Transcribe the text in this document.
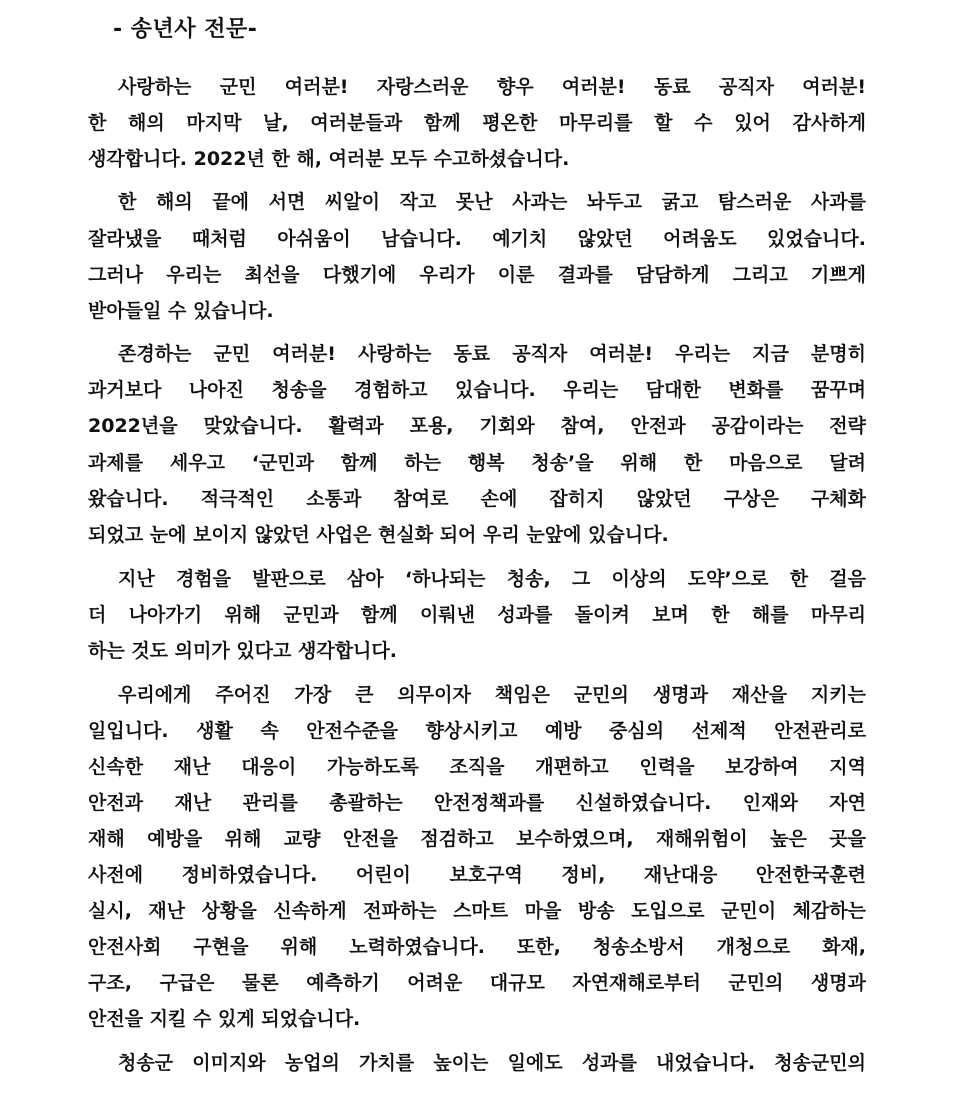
- 송년사 전문-
사랑하는 군민 여러분! 자랑스러운 향우 여러분! 동료 공직자 여러분!
한 해의 마지막 날, 여러분들과 함께 평온한 마무리를 할 수 있어 감사하게
생각합니다. 2022년 한 해, 여러분 모두 수고하셨습니다.
한 해의 끝에 서면 씨알이 작고 못난 사과는 놔두고 굵고 탐스러운 사과를
잘라냈을 때처럼 아쉬움이 남습니다. 예기치 않았던 어려움도 있었습니다.
그러나 우리는 최선을 다했기에 우리가 이룬 결과를 담담하게 그리고 기쁘게
받아들일 수 있습니다.
존경하는 군민 여러분! 사랑하는 동료 공직자 여러분! 우리는 지금 분명히
과거보다 나아진 청송을 경험하고 있습니다. 우리는 담대한 변화를 꿈꾸며
2022년을 맞았습니다. 활력과 포용, 기회와 참여, 안전과 공감이라는 전략
과제를 세우고 ‘군민과 함께 하는 행복 청송’을 위해 한 마음으로 달려
왔습니다. 적극적인 소통과 참여로 손에 잡히지 않았던 구상은 구체화
되었고 눈에 보이지 않았던 사업은 현실화 되어 우리 눈앞에 있습니다.
지난 경험을 발판으로 삼아 ‘하나되는 청송, 그 이상의 도약’으로 한 걸음
더 나아가기 위해 군민과 함께 이뤄낸 성과를 돌이켜 보며 한 해를 마무리
하는 것도 의미가 있다고 생각합니다.
우리에게 주어진 가장 큰 의무이자 책임은 군민의 생명과 재산을 지키는
일입니다. 생활 속 안전수준을 향상시키고 예방 중심의 선제적 안전관리로
신속한 재난 대응이 가능하도록 조직을 개편하고 인력을 보강하여 지역
안전과 재난 관리를 총괄하는 안전정책과를 신설하였습니다. 인재와 자연
재해 예방을 위해 교량 안전을 점검하고 보수하였으며, 재해위험이 높은 곳을
사전에 정비하였습니다. 어린이 보호구역 정비, 재난대응 안전한국훈련
실시, 재난 상황을 신속하게 전파하는 스마트 마을 방송 도입으로 군민이 체감하는
안전사회 구현을 위해 노력하였습니다. 또한, 청송소방서 개청으로 화재,
구조, 구급은 물론 예측하기 어려운 대규모 자연재해로부터 군민의 생명과
안전을 지킬 수 있게 되었습니다.
청송군 이미지와 농업의 가치를 높이는 일에도 성과를 내었습니다. 청송군민의
